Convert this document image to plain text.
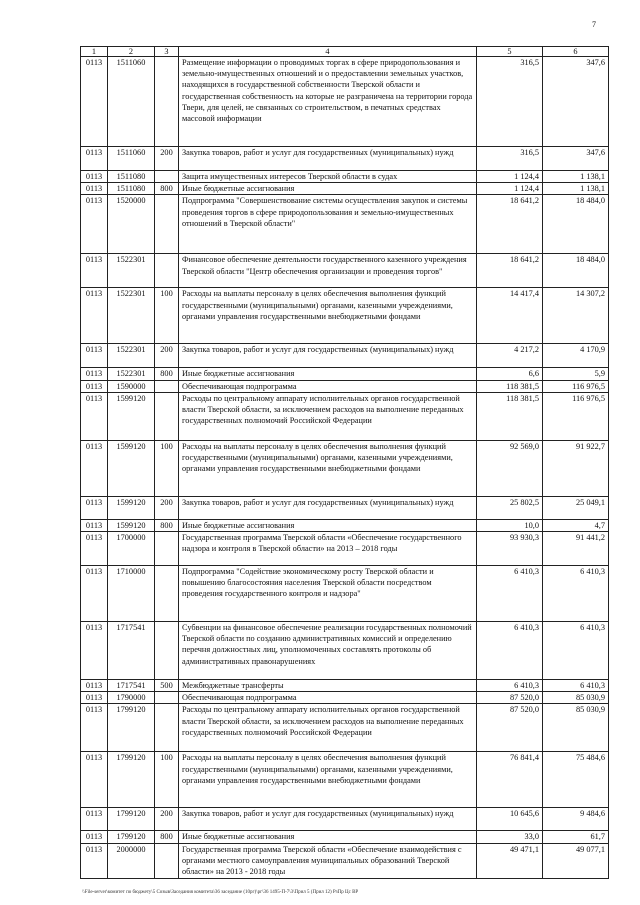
7
1	2	3	4	5	6
0113	1511060		Размещение информации о проводимых торгах в сфере природопользования и земельно-имущественных отношений и о предоставлении земельных участков, находящихся в государственной собственности Тверской области и государственная собственность на которые не разграничена на территории города Твери, для целей, не связанных со строительством, в печатных средствах массовой информации	316,5	347,6
0113	1511060	200	Закупка товаров, работ и услуг для государственных (муниципальных) нужд	316,5	347,6
0113	1511080		Защита имущественных интересов Тверской области в судах	1 124,4	1 138,1
0113	1511080	800	Иные бюджетные ассигнования	1 124,4	1 138,1
0113	1520000		Подпрограмма "Совершенствование системы осуществления закупок и системы проведения торгов в сфере природопользования и земельно-имущественных отношений в Тверской области"	18 641,2	18 484,0
0113	1522301		Финансовое обеспечение деятельности государственного казенного учреждения Тверской области "Центр обеспечения организации и проведения торгов"	18 641,2	18 484,0
0113	1522301	100	Расходы на выплаты персоналу в целях обеспечения выполнения функций государственными (муниципальными) органами, казенными учреждениями, органами управления государственными внебюджетными фондами	14 417,4	14 307,2
0113	1522301	200	Закупка товаров, работ и услуг для государственных (муниципальных) нужд	4 217,2	4 170,9
0113	1522301	800	Иные бюджетные ассигнования	6,6	5,9
0113	1590000		Обеспечивающая подпрограмма	118 381,5	116 976,5
0113	1599120		Расходы по центральному аппарату исполнительных органов государственной власти Тверской области, за исключением расходов на выполнение переданных государственных полномочий Российской Федерации	118 381,5	116 976,5
0113	1599120	100	Расходы на выплаты персоналу в целях обеспечения выполнения функций государственными (муниципальными) органами, казенными учреждениями, органами управления государственными внебюджетными фондами	92 569,0	91 922,7
0113	1599120	200	Закупка товаров, работ и услуг для государственных (муниципальных) нужд	25 802,5	25 049,1
0113	1599120	800	Иные бюджетные ассигнования	10,0	4,7
0113	1700000		Государственная программа Тверской области «Обеспечение государственного надзора и контроля в Тверской области» на 2013 – 2018 годы	93 930,3	91 441,2
0113	1710000		Подпрограмма "Содействие экономическому росту Тверской области и повышению благосостояния населения Тверской области посредством проведения государственного контроля и надзора"	6 410,3	6 410,3
0113	1717541		Субвенции на финансовое обеспечение реализации государственных полномочий Тверской области по созданию административных комиссий и определению перечня должностных лиц, уполномоченных составлять протоколы об административных правонарушениях	6 410,3	6 410,3
0113	1717541	500	Межбюджетные трансферты	6 410,3	6 410,3
0113	1790000		Обеспечивающая подпрограмма	87 520,0	85 030,9
0113	1799120		Расходы по центральному аппарату исполнительных органов государственной власти Тверской области, за исключением расходов на выполнение переданных государственных полномочий Российской Федерации	87 520,0	85 030,9
0113	1799120	100	Расходы на выплаты персоналу в целях обеспечения выполнения функций государственными (муниципальными) органами, казенными учреждениями, органами управления государственными внебюджетными фондами	76 841,4	75 484,6
0113	1799120	200	Закупка товаров, работ и услуг для государственных (муниципальных) нужд	10 645,6	9 484,6
0113	1799120	800	Иные бюджетные ассигнования	33,0	61,7
0113	2000000		Государственная программа Тверской области «Обеспечение взаимодействия с органами местного самоуправления муниципальных образований Тверской области» на 2013 - 2018 годы	49 471,1	49 077,1
\\File-server\комитет по бюджету\5 Созыв\Заседания комитета\36 заседание (10рг)\рг\36 1495-П-7\3\Прил 5 (Прил 12) РзПр Цс ВР
